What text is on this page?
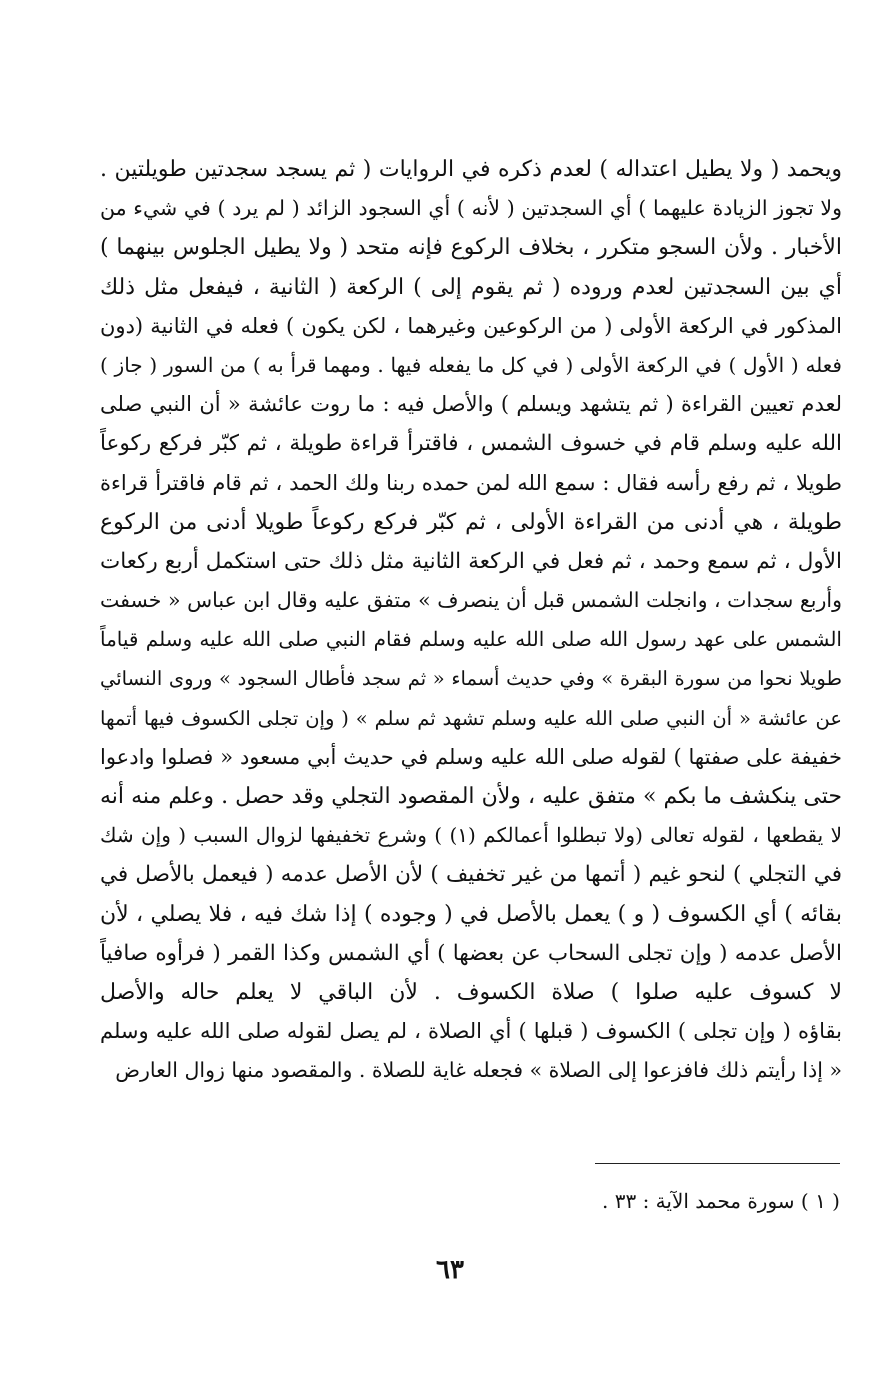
ويحمد ( ولا يطيل اعتداله ) لعدم ذكره في الروايات ( ثم يسجد سجدتين طويلتين .
ولا تجوز الزيادة عليهما ) أي السجدتين ( لأنه ) أي السجود الزائد ( لم يرد ) في شيء من
الأخبار . ولأن السجو متكرر ، بخلاف الركوع فإنه متحد ( ولا يطيل الجلوس بينهما )
أي بين السجدتين لعدم وروده ( ثم يقوم إلى ) الركعة ( الثانية ، فيفعل مثل ذلك
المذكور في الركعة الأولى ( من الركوعين وغيرهما ، لكن يكون ) فعله في الثانية (دون
فعله ( الأول ) في الركعة الأولى ( في كل ما يفعله فيها . ومهما قرأ به ) من السور ( جاز )
لعدم تعيين القراءة ( ثم يتشهد ويسلم ) والأصل فيه : ما روت عائشة « أن النبي صلى
الله عليه وسلم قام في خسوف الشمس ، فاقترأ قراءة طويلة ، ثم كبّر فركع ركوعاً
طويلا ، ثم رفع رأسه فقال : سمع الله لمن حمده ربنا ولك الحمد ، ثم قام فاقترأ قراءة
طويلة ، هي أدنى من القراءة الأولى ، ثم كبّر فركع ركوعاً طويلا أدنى من الركوع
الأول ، ثم سمع وحمد ، ثم فعل في الركعة الثانية مثل ذلك حتى استكمل أربع ركعات
وأربع سجدات ، وانجلت الشمس قبل أن ينصرف » متفق عليه وقال ابن عباس « خسفت
الشمس على عهد رسول الله صلى الله عليه وسلم فقام النبي صلى الله عليه وسلم قياماً
طويلا نحوا من سورة البقرة » وفي حديث أسماء « ثم سجد فأطال السجود » وروى النسائي
عن عائشة « أن النبي صلى الله عليه وسلم تشهد ثم سلم » ( وإن تجلى الكسوف فيها أتمها
خفيفة على صفتها ) لقوله صلى الله عليه وسلم في حديث أبي مسعود « فصلوا وادعوا
حتى ينكشف ما بكم » متفق عليه ، ولأن المقصود التجلي وقد حصل . وعلم منه أنه
لا يقطعها ، لقوله تعالى (ولا تبطلوا أعمالكم (١) ) وشرع تخفيفها لزوال السبب ( وإن شك
في التجلي ) لنحو غيم ( أتمها من غير تخفيف ) لأن الأصل عدمه ( فيعمل بالأصل في
بقائه ) أي الكسوف ( و ) يعمل بالأصل في ( وجوده ) إذا شك فيه ، فلا يصلي ، لأن
الأصل عدمه ( وإن تجلى السحاب عن بعضها ) أي الشمس وكذا القمر ( فرأوه صافياً
لا كسوف عليه صلوا ) صلاة الكسوف . لأن الباقي لا يعلم حاله والأصل
بقاؤه ( وإن تجلى ) الكسوف ( قبلها ) أي الصلاة ، لم يصل لقوله صلى الله عليه وسلم
« إذا رأيتم ذلك فافزعوا إلى الصلاة » فجعله غاية للصلاة . والمقصود منها زوال العارض
( ١ ) سورة محمد الآية : ٣٣ .
٦٣
